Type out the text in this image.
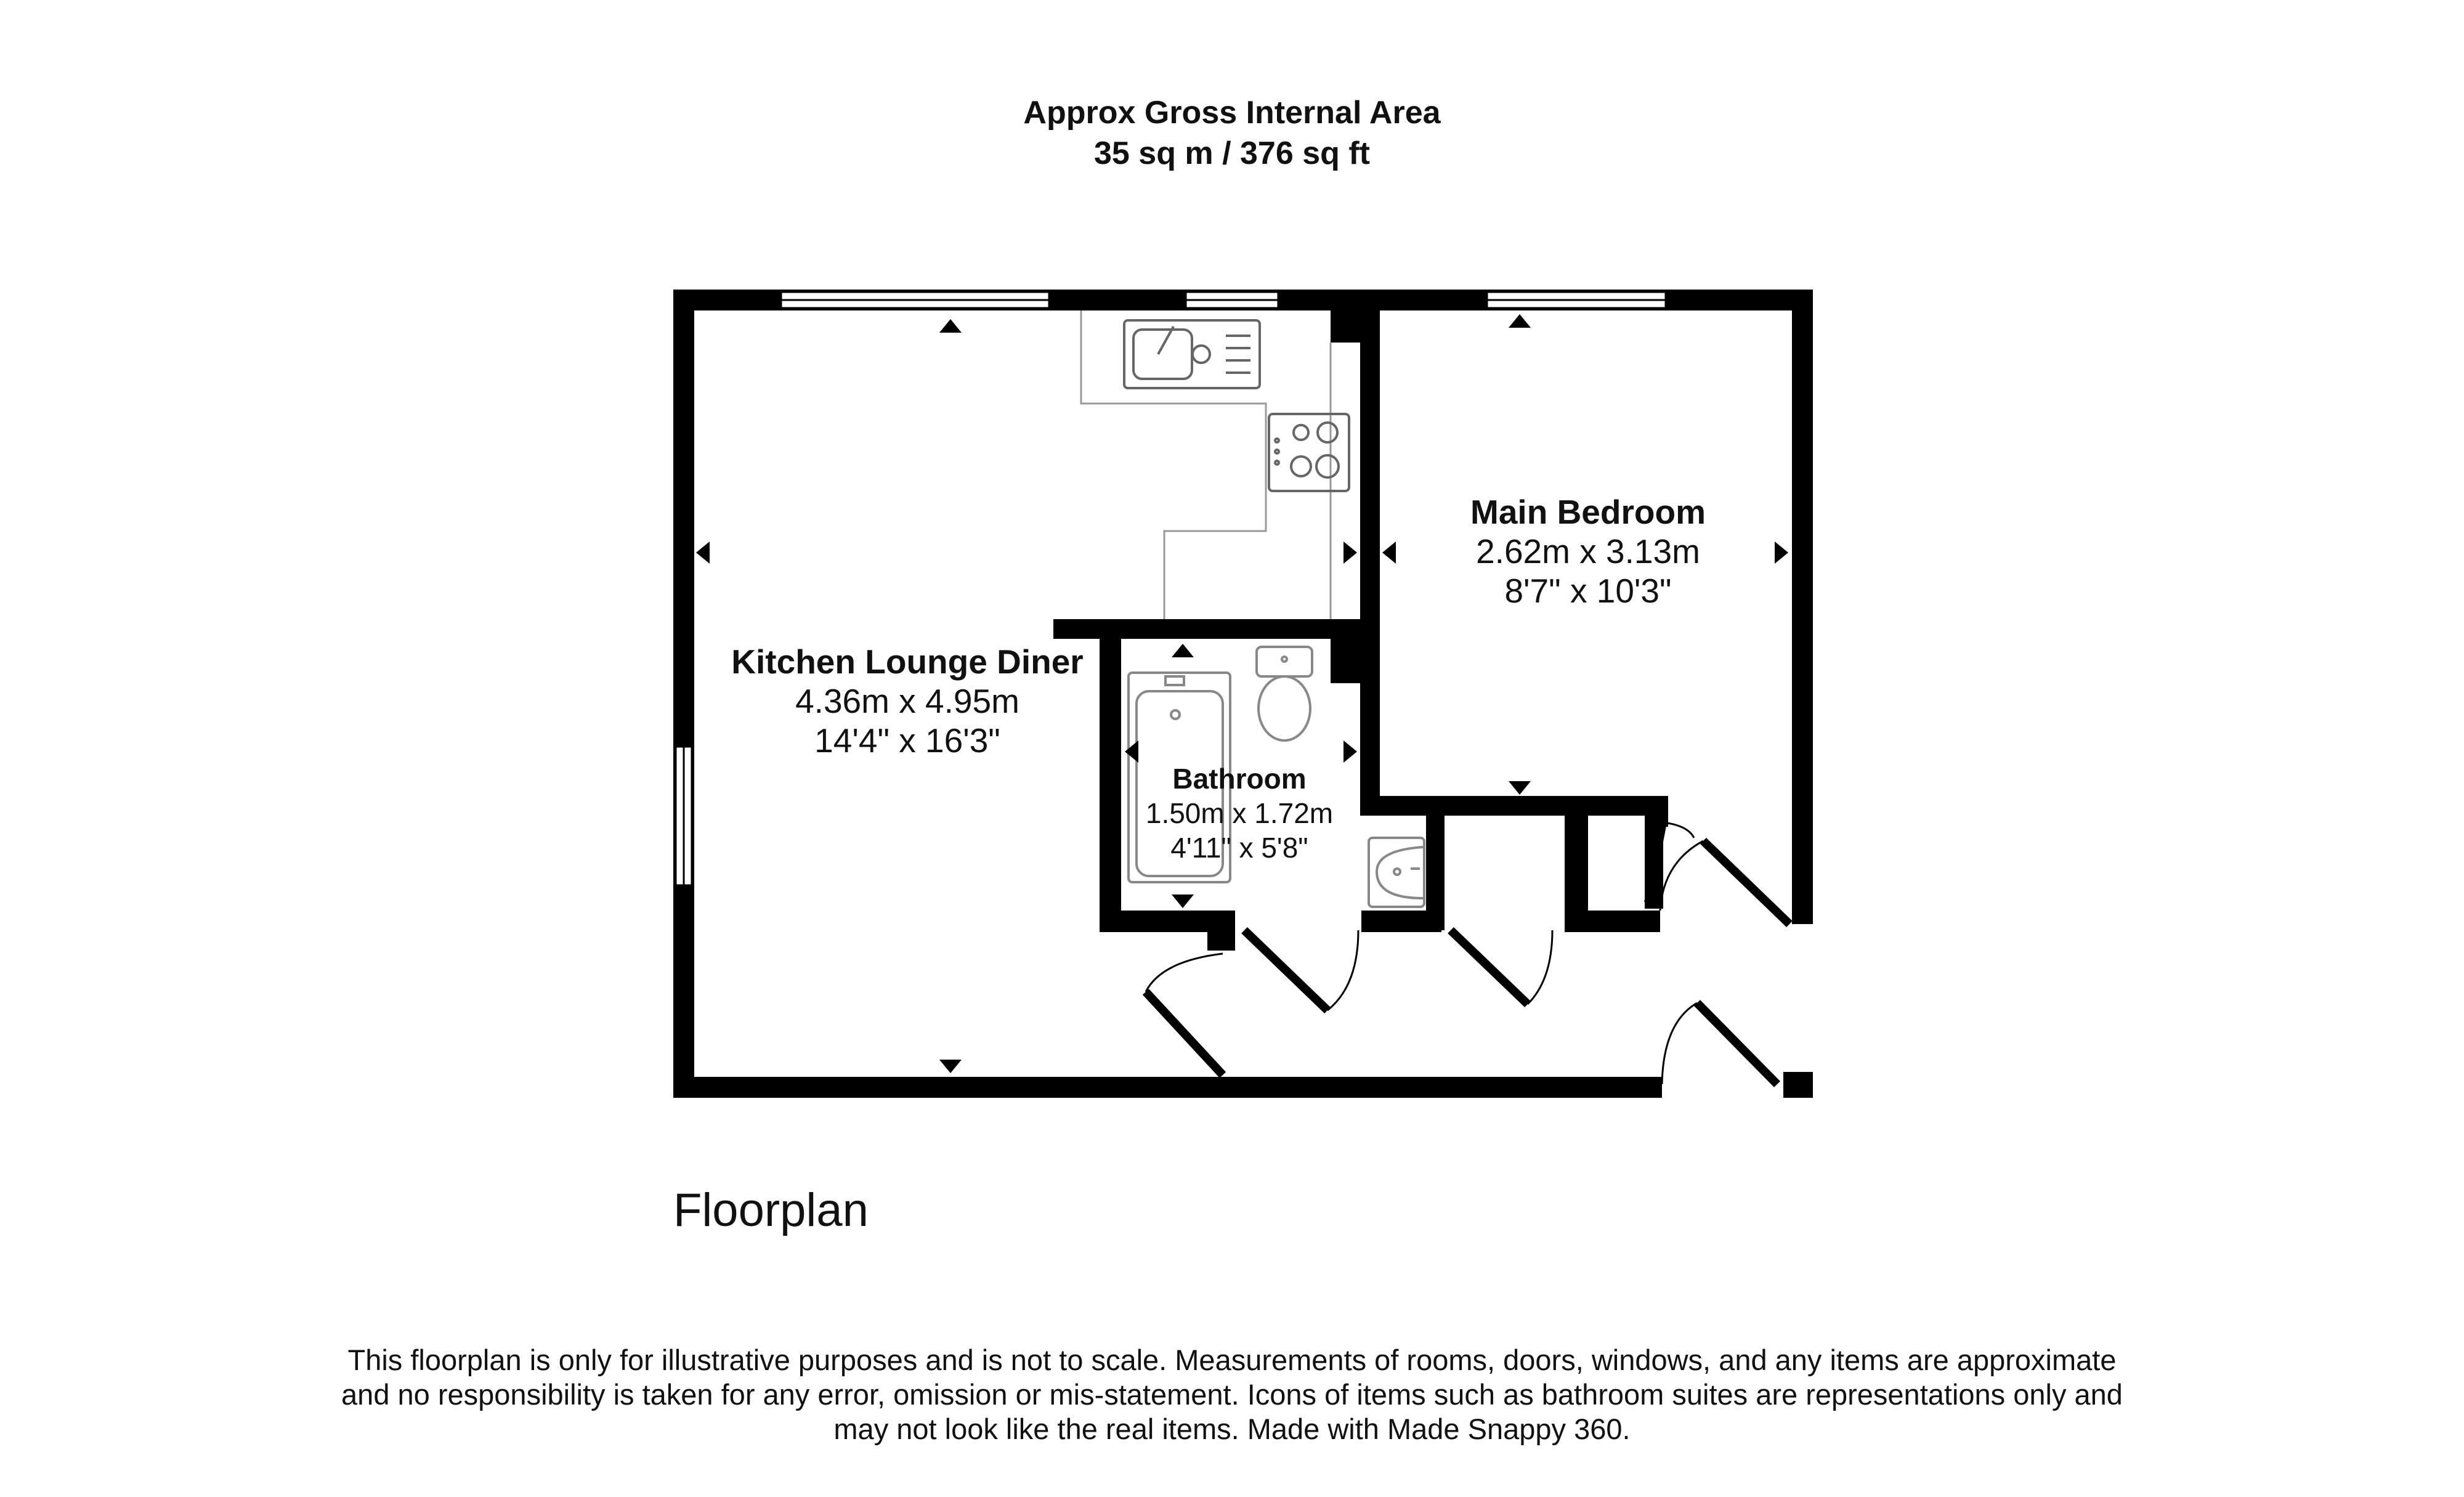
Approx Gross Internal Area
35 sq m / 376 sq ft
Kitchen Lounge Diner
4.36m x 4.95m
14'4" x 16'3"
Main Bedroom
2.62m x 3.13m
8'7" x 10'3"
Bathroom
1.50m x 1.72m
4'11" x 5'8"
Floorplan
This floorplan is only for illustrative purposes and is not to scale. Measurements of rooms, doors, windows, and any items are approximate
and no responsibility is taken for any error, omission or mis-statement. Icons of items such as bathroom suites are representations only and
may not look like the real items. Made with Made Snappy 360.
